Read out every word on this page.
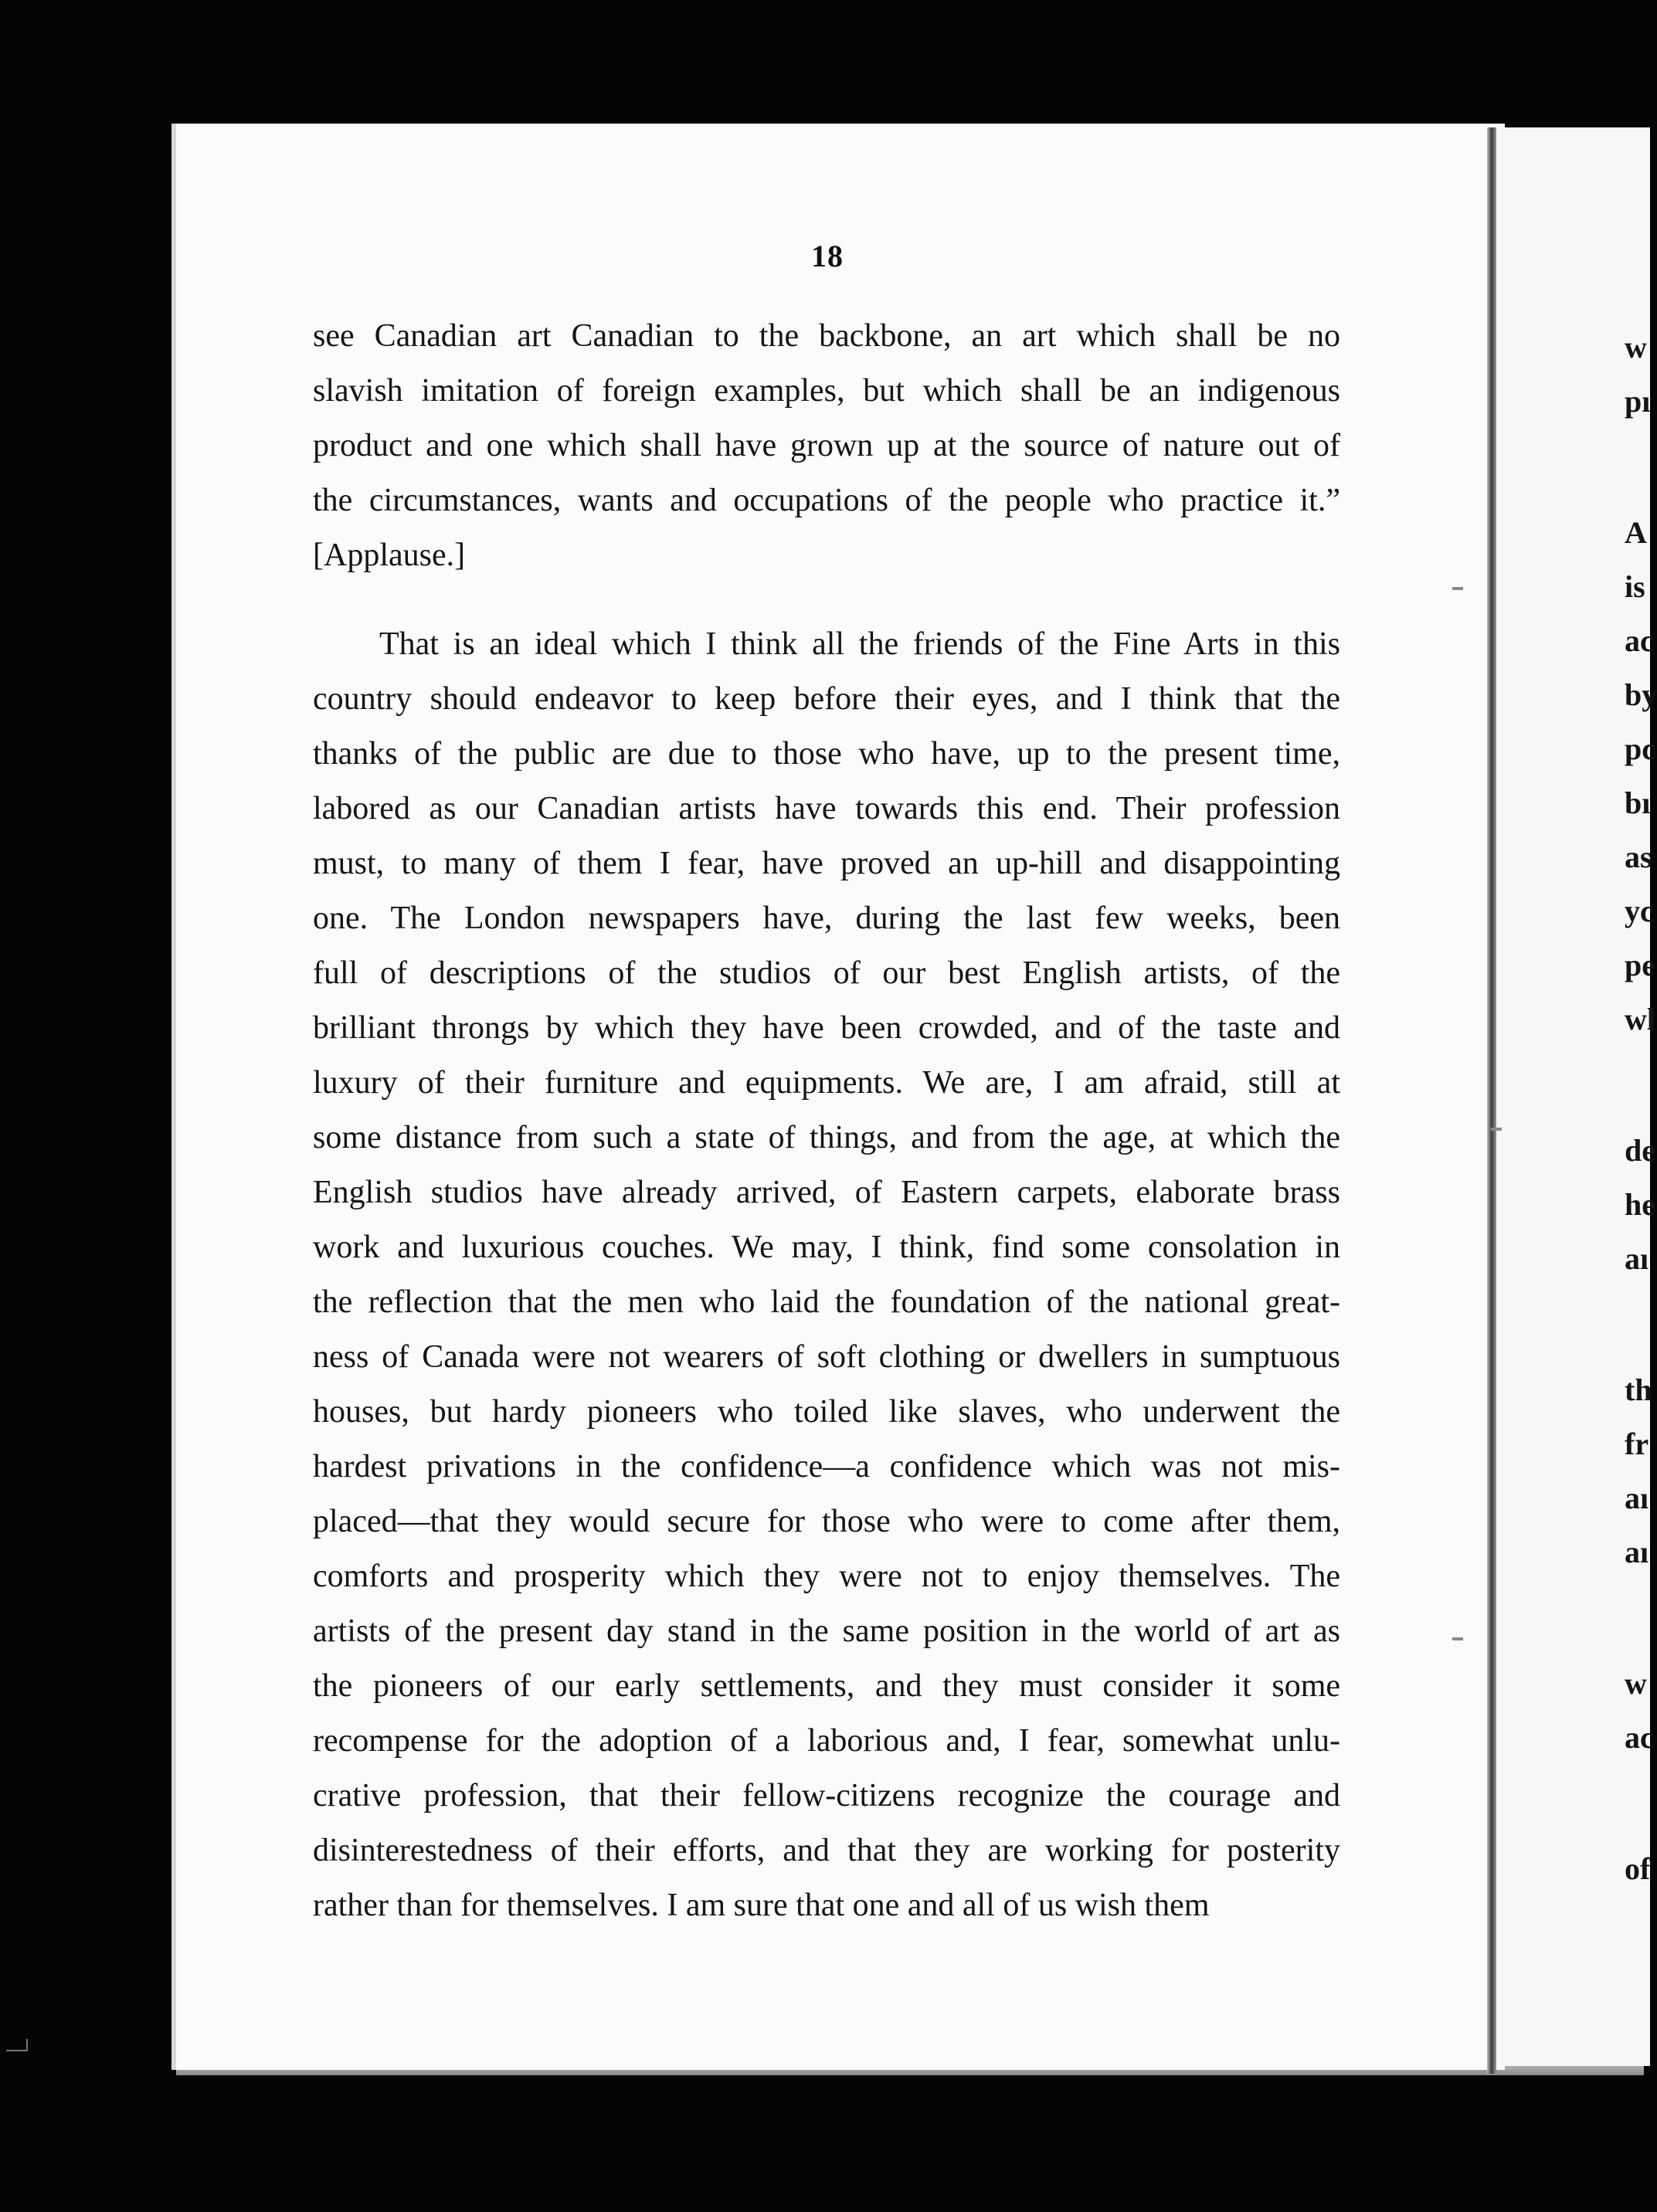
18
see Canadian art Canadian to the backbone, an art which shall be no
slavish imitation of foreign examples, but which shall be an indigenous
product and one which shall have grown up at the source of nature out of
the circumstances, wants and occupations of the people who practice it.”
[Applause.]
That is an ideal which I think all the friends of the Fine Arts in this
country should endeavor to keep before their eyes, and I think that the
thanks of the public are due to those who have, up to the present time,
labored as our Canadian artists have towards this end. Their profession
must, to many of them I fear, have proved an up-hill and disappointing
one. The London newspapers have, during the last few weeks, been
full of descriptions of the studios of our best English artists, of the
brilliant throngs by which they have been crowded, and of the taste and
luxury of their furniture and equipments. We are, I am afraid, still at
some distance from such a state of things, and from the age, at which the
English studios have already arrived, of Eastern carpets, elaborate brass
work and luxurious couches. We may, I think, find some consolation in
the reflection that the men who laid the foundation of the national great-
ness of Canada were not wearers of soft clothing or dwellers in sumptuous
houses, but hardy pioneers who toiled like slaves, who underwent the
hardest privations in the confidence—a confidence which was not mis-
placed—that they would secure for those who were to come after them,
comforts and prosperity which they were not to enjoy themselves. The
artists of the present day stand in the same position in the world of art as
the pioneers of our early settlements, and they must consider it some
recompense for the adoption of a laborious and, I fear, somewhat unlu-
crative profession, that their fellow-citizens recognize the courage and
disinterestedness of their efforts, and that they are working for posterity
rather than for themselves. I am sure that one and all of us wish them
w
pı
A
is
ac
by
pc
bı
as
yc
pe
wl
de
he
aı
th
fr
aı
aı
w
ac
of
